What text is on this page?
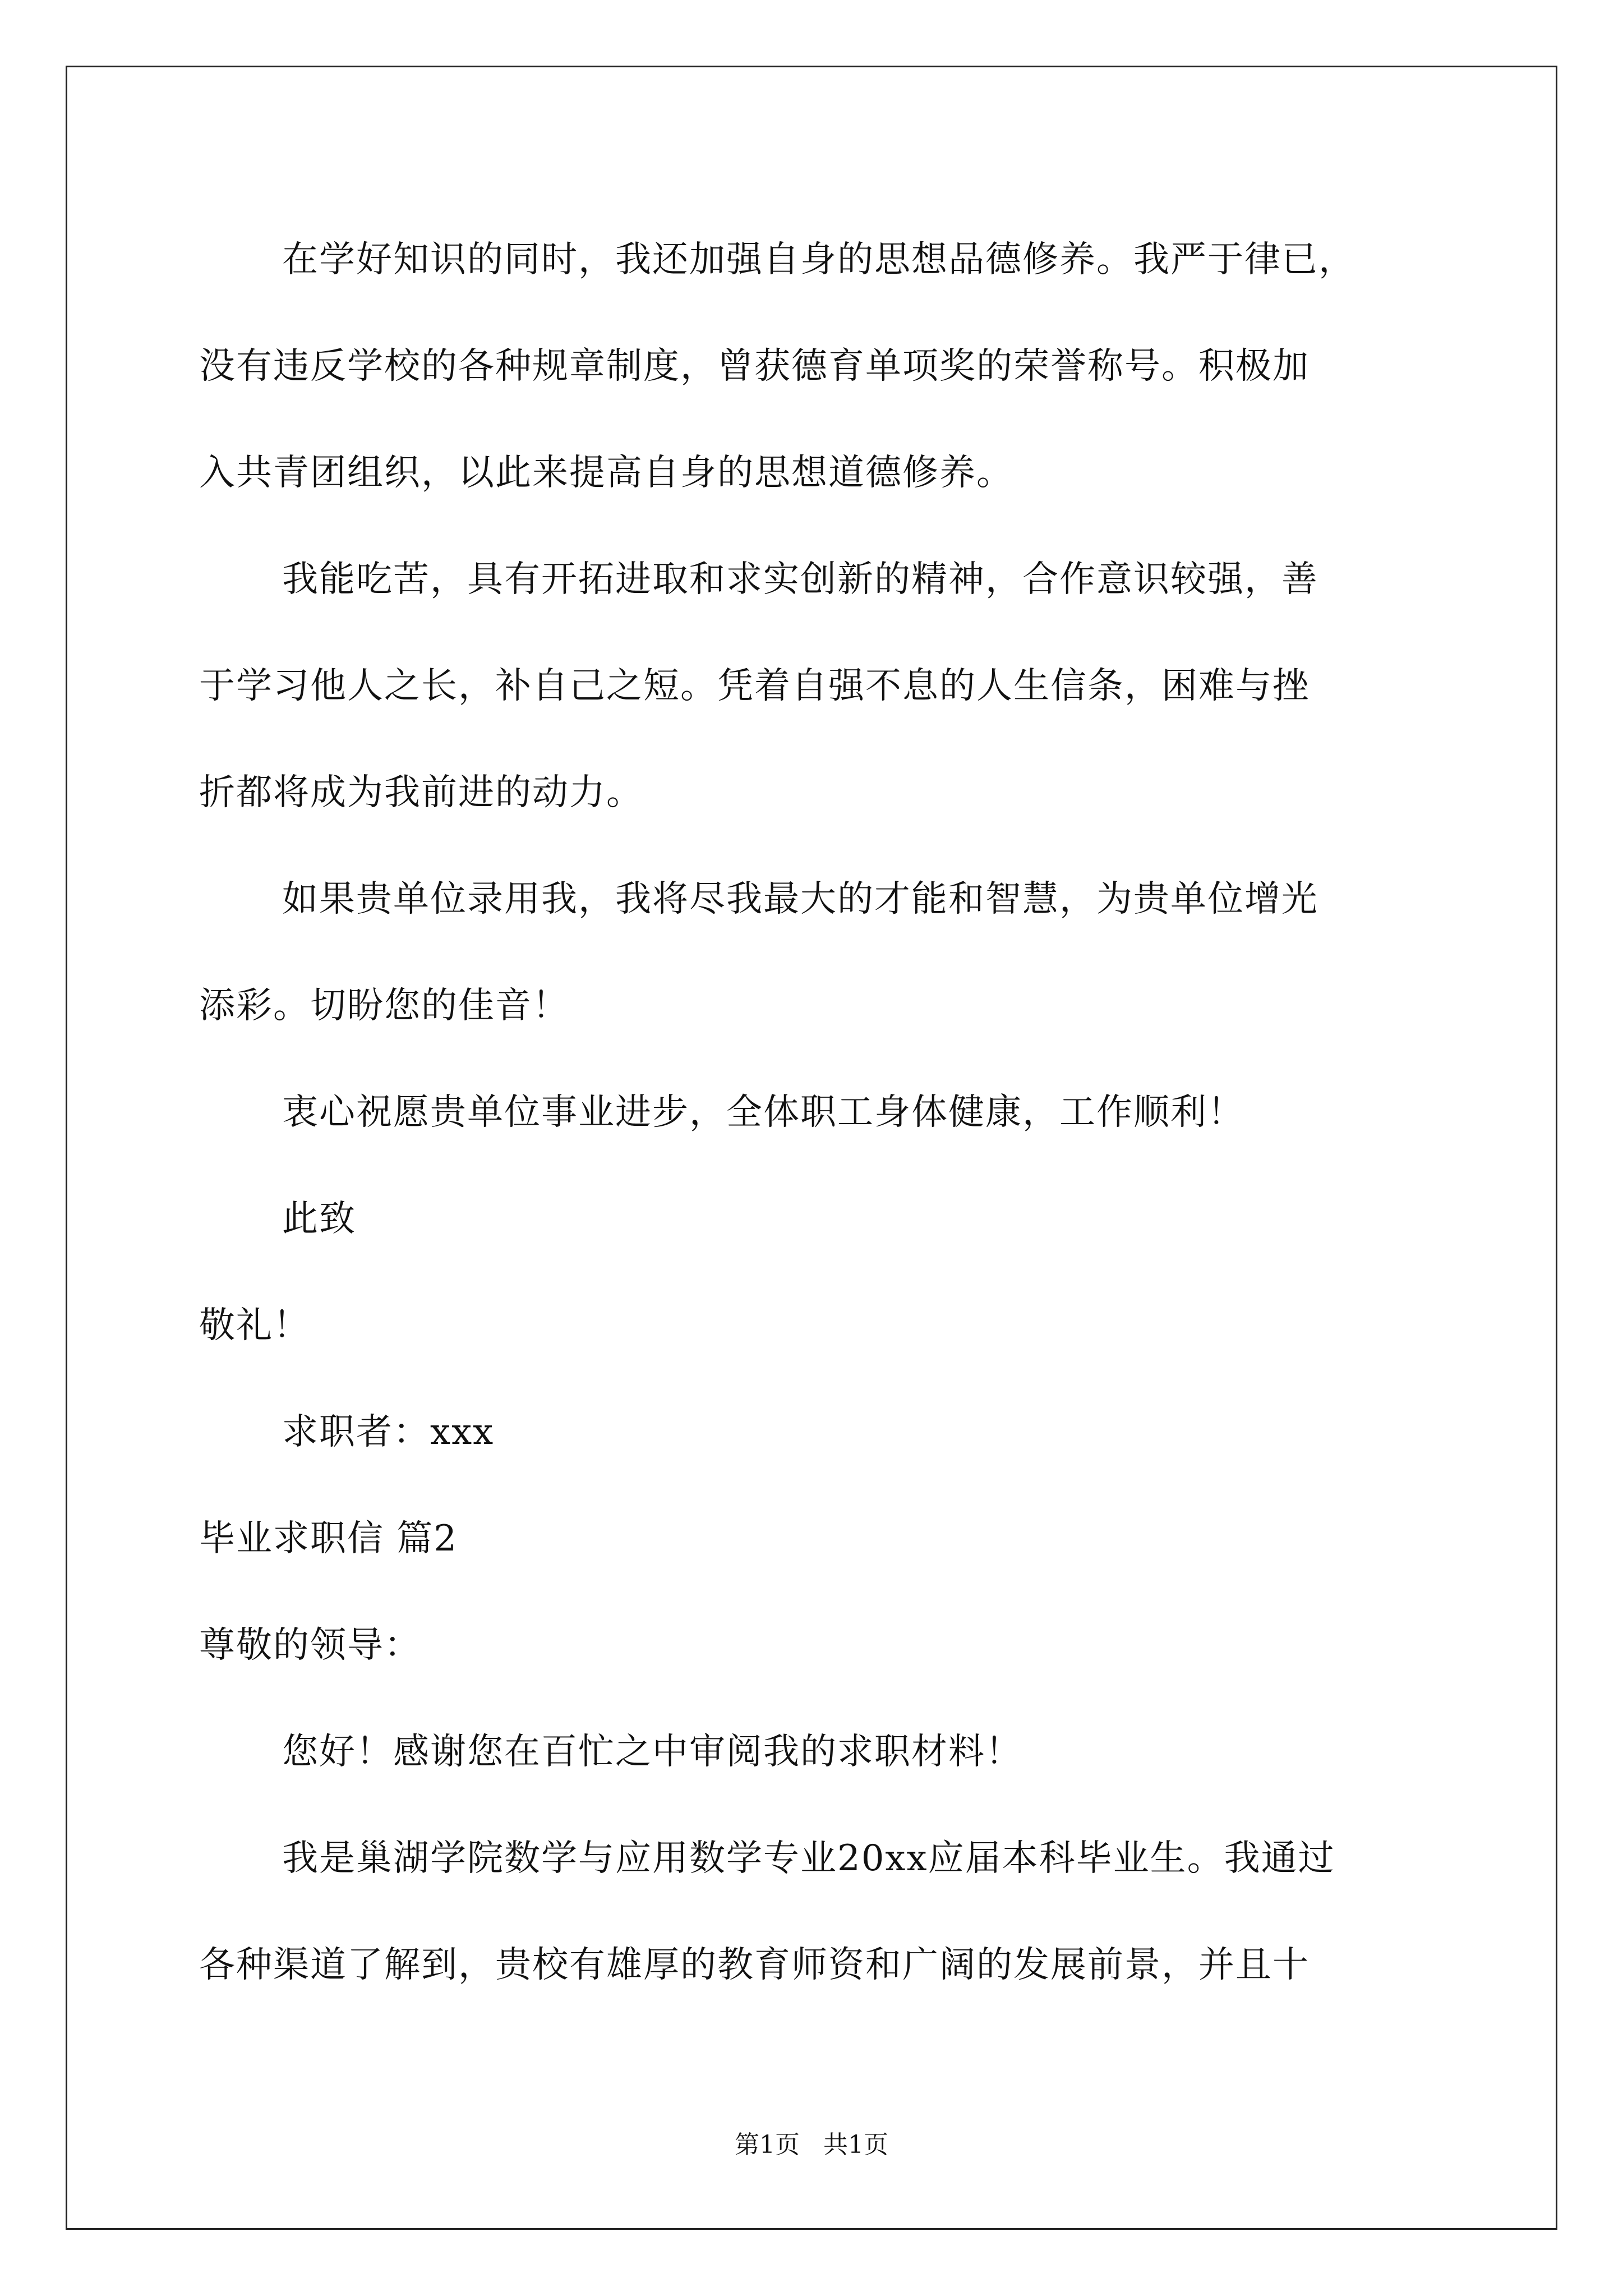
在学好知识的同时，我还加强自身的思想品德修养。我严于律已，

没有违反学校的各种规章制度，曾获德育单项奖的荣誉称号。积极加

入共青团组织，以此来提高自身的思想道德修养。

我能吃苦，具有开拓进取和求实创新的精神，合作意识较强，善

于学习他人之长，补自己之短。凭着自强不息的人生信条，困难与挫

折都将成为我前进的动力。

如果贵单位录用我，我将尽我最大的才能和智慧，为贵单位增光

添彩。切盼您的佳音！

衷心祝愿贵单位事业进步，全体职工身体健康，工作顺利！

此致

敬礼！

求职者：xxx

毕业求职信 篇2

尊敬的领导：

您好！感谢您在百忙之中审阅我的求职材料！

我是巢湖学院数学与应用数学专业20xx应届本科毕业生。我通过

各种渠道了解到，贵校有雄厚的教育师资和广阔的发展前景，并且十

第1页 共1页
